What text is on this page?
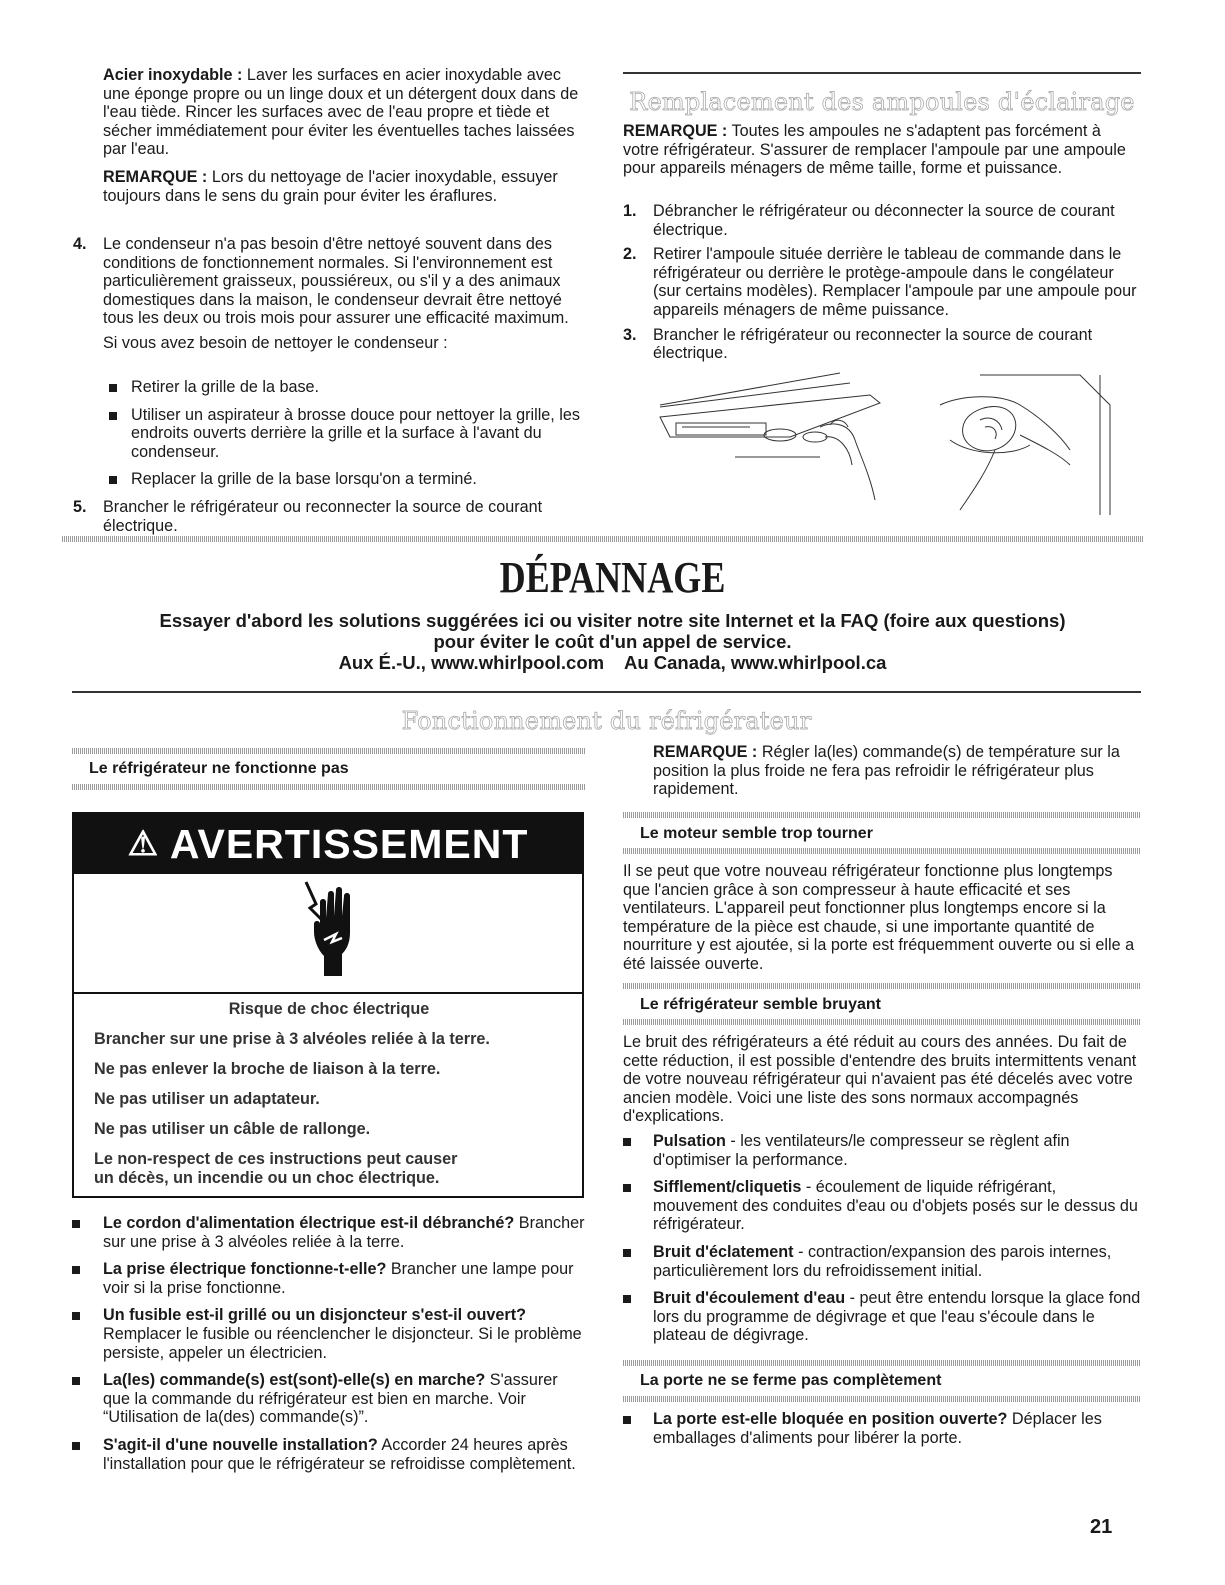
Acier inoxydable : Laver les surfaces en acier inoxydable avec une éponge propre ou un linge doux et un détergent doux dans de l'eau tiède. Rincer les surfaces avec de l'eau propre et tiède et sécher immédiatement pour éviter les éventuelles taches laissées par l'eau.

REMARQUE : Lors du nettoyage de l'acier inoxydable, essuyer toujours dans le sens du grain pour éviter les éraflures.

4. Le condenseur n'a pas besoin d'être nettoyé souvent dans des conditions de fonctionnement normales. Si l'environnement est particulièrement graisseux, poussiéreux, ou s'il y a des animaux domestiques dans la maison, le condenseur devrait être nettoyé tous les deux ou trois mois pour assurer une efficacité maximum.

Si vous avez besoin de nettoyer le condenseur :

Retirer la grille de la base.
Utiliser un aspirateur à brosse douce pour nettoyer la grille, les endroits ouverts derrière la grille et la surface à l'avant du condenseur.
Replacer la grille de la base lorsqu'on a terminé.
5. Brancher le réfrigérateur ou reconnecter la source de courant électrique.

Remplacement des ampoules d'éclairage

REMARQUE : Toutes les ampoules ne s'adaptent pas forcément à votre réfrigérateur. S'assurer de remplacer l'ampoule par une ampoule pour appareils ménagers de même taille, forme et puissance.

1. Débrancher le réfrigérateur ou déconnecter la source de courant électrique.

2. Retirer l'ampoule située derrière le tableau de commande dans le réfrigérateur ou derrière le protège-ampoule dans le congélateur (sur certains modèles). Remplacer l'ampoule par une ampoule pour appareils ménagers de même puissance.

3. Brancher le réfrigérateur ou reconnecter la source de courant électrique.

DÉPANNAGE
Essayer d'abord les solutions suggérées ici ou visiter notre site Internet et la FAQ (foire aux questions)
pour éviter le coût d'un appel de service.
Aux É.-U., www.whirlpool.com    Au Canada, www.whirlpool.ca
Fonctionnement du réfrigérateur
Le réfrigérateur ne fonctionne pas
⚠ AVERTISSEMENT
Risque de choc électrique
Brancher sur une prise à 3 alvéoles reliée à la terre.
Ne pas enlever la broche de liaison à la terre.
Ne pas utiliser un adaptateur.
Ne pas utiliser un câble de rallonge.
Le non-respect de ces instructions peut causer
un décès, un incendie ou un choc électrique.
Le cordon d'alimentation électrique est-il débranché? Brancher sur une prise à 3 alvéoles reliée à la terre.
La prise électrique fonctionne-t-elle? Brancher une lampe pour voir si la prise fonctionne.
Un fusible est-il grillé ou un disjoncteur s'est-il ouvert? Remplacer le fusible ou réenclencher le disjoncteur. Si le problème persiste, appeler un électricien.
La(les) commande(s) est(sont)-elle(s) en marche? S'assurer que la commande du réfrigérateur est bien en marche. Voir “Utilisation de la(des) commande(s)”.
S'agit-il d'une nouvelle installation? Accorder 24 heures après l'installation pour que le réfrigérateur se refroidisse complètement.

REMARQUE : Régler la(les) commande(s) de température sur la position la plus froide ne fera pas refroidir le réfrigérateur plus rapidement.

Le moteur semble trop tourner

Il se peut que votre nouveau réfrigérateur fonctionne plus longtemps que l'ancien grâce à son compresseur à haute efficacité et ses ventilateurs. L'appareil peut fonctionner plus longtemps encore si la température de la pièce est chaude, si une importante quantité de nourriture y est ajoutée, si la porte est fréquemment ouverte ou si elle a été laissée ouverte.

Le réfrigérateur semble bruyant

Le bruit des réfrigérateurs a été réduit au cours des années. Du fait de cette réduction, il est possible d'entendre des bruits intermittents venant de votre nouveau réfrigérateur qui n'avaient pas été décelés avec votre ancien modèle. Voici une liste des sons normaux accompagnés d'explications.

Pulsation - les ventilateurs/le compresseur se règlent afin d'optimiser la performance.
Sifflement/cliquetis - écoulement de liquide réfrigérant, mouvement des conduites d'eau ou d'objets posés sur le dessus du réfrigérateur.
Bruit d'éclatement - contraction/expansion des parois internes, particulièrement lors du refroidissement initial.
Bruit d'écoulement d'eau - peut être entendu lorsque la glace fond lors du programme de dégivrage et que l'eau s'écoule dans le plateau de dégivrage.
La porte ne se ferme pas complètement
La porte est-elle bloquée en position ouverte? Déplacer les emballages d'aliments pour libérer la porte.
21
